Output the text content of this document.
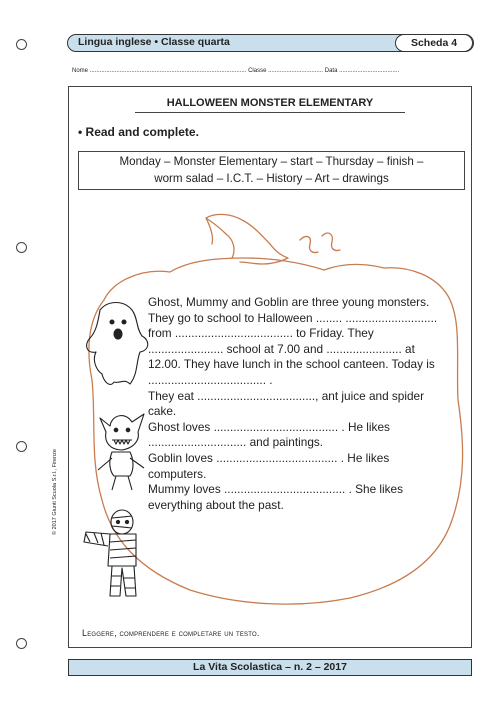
Lingua inglese • Classe quarta	Scheda 4
Nome .............................................................................................. Classe ................................. Data ....................................
HALLOWEEN MONSTER ELEMENTARY
• Read and complete.
Monday – Monster Elementary – start – Thursday – finish –
worm salad – I.C.T. – History – Art – drawings

Ghost, Mummy and Goblin are three young monsters. They go to school to Halloween ........ ............................ from .................................... to Friday. They ....................... school at 7.00 and ....................... at 12.00. They have lunch in the school canteen. Today is .................................... .

They eat ...................................., ant juice and spider cake.

Ghost loves ...................................... . He likes .............................. and paintings.

Goblin loves ..................................... . He likes computers.

Mummy loves ..................................... . She likes everything about the past.

Leggere, comprendere e completare un testo.
© 2017 Giunti Scuola S.r.l., Firenze
La Vita Scolastica – n. 2 – 2017
